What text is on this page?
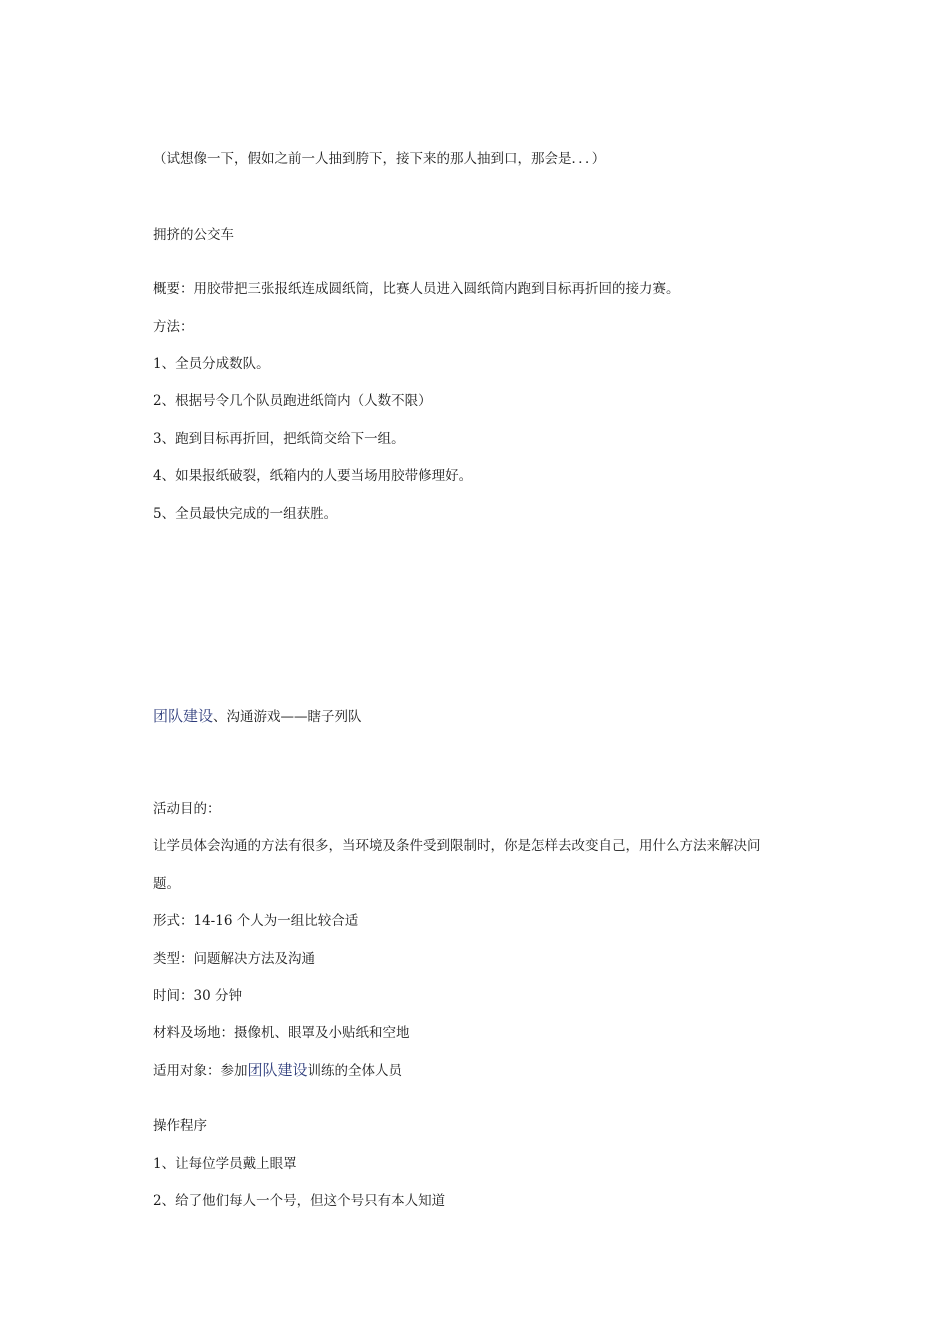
（试想像一下，假如之前一人抽到胯下，接下来的那人抽到口，那会是．．．）
拥挤的公交车
概要：用胶带把三张报纸连成圆纸筒，比赛人员进入圆纸筒内跑到目标再折回的接力赛。
方法：
1、全员分成数队。
2、根据号令几个队员跑进纸筒内（人数不限）
3、跑到目标再折回，把纸筒交给下一组。
4、如果报纸破裂，纸箱内的人要当场用胶带修理好。
5、全员最快完成的一组获胜。
团队建设、沟通游戏——瞎子列队
活动目的：
让学员体会沟通的方法有很多，当环境及条件受到限制时，你是怎样去改变自己，用什么方法来解决问
题。
形式：14-16 个人为一组比较合适
类型：问题解决方法及沟通
时间：30 分钟
材料及场地：摄像机、眼罩及小贴纸和空地
适用对象：参加团队建设训练的全体人员
操作程序
1、让每位学员戴上眼罩
2、给了他们每人一个号，但这个号只有本人知道
